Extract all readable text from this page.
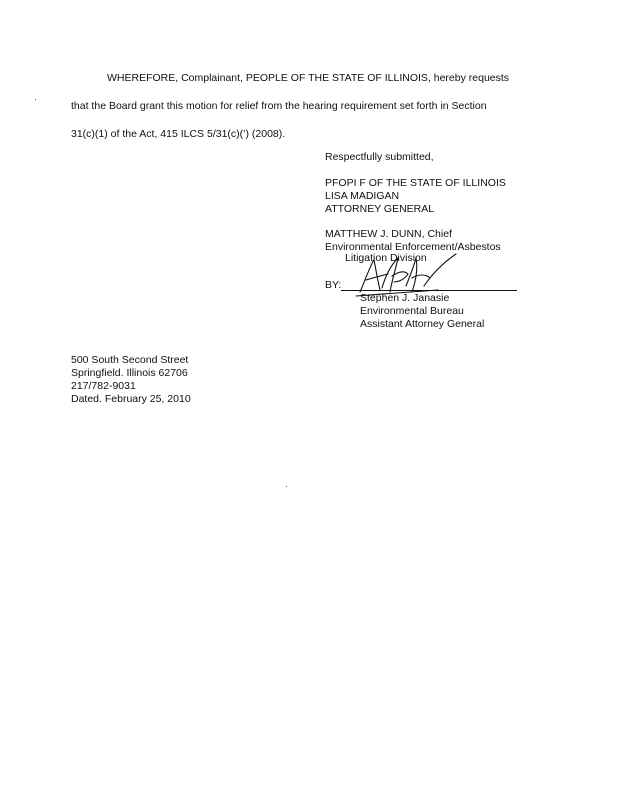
WHEREFORE, Complainant, PEOPLE OF THE STATE OF ILLINOIS, hereby requests
that the Board grant this motion for relief from the hearing requirement set forth in Section
31(c)(1) of the Act, 415 ILCS 5/31(c)(’) (2008).
Respectfully submitted,
PFOPI F OF THE STATE OF ILLINOIS
LISA MADIGAN
ATTORNEY GENERAL
MATTHEW J. DUNN, Chief
Environmental Enforcement/Asbestos
Litigation Division
BY:
Stephen J. Janasie
Environmental Bureau
Assistant Attorney General
500 South Second Street
Springfield. Illinois 62706
217/782-9031
Dated. February 25, 2010
